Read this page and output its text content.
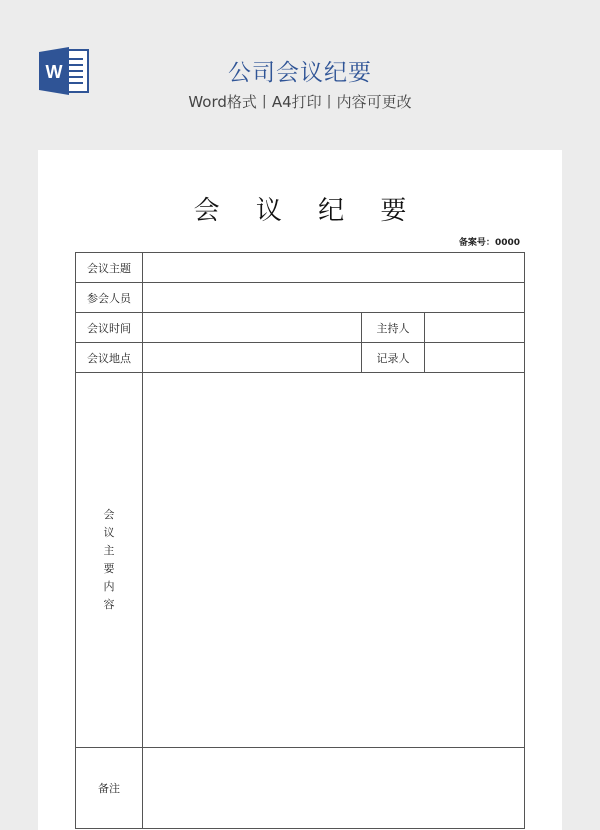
W	公司会议纪要
Word格式丨A4打印丨内容可更改
会 议 纪 要
备案号：0000
会议主题			
参会人员			
会议时间		主持人	
会议地点		记录人	
会议主要内容			
备注			
